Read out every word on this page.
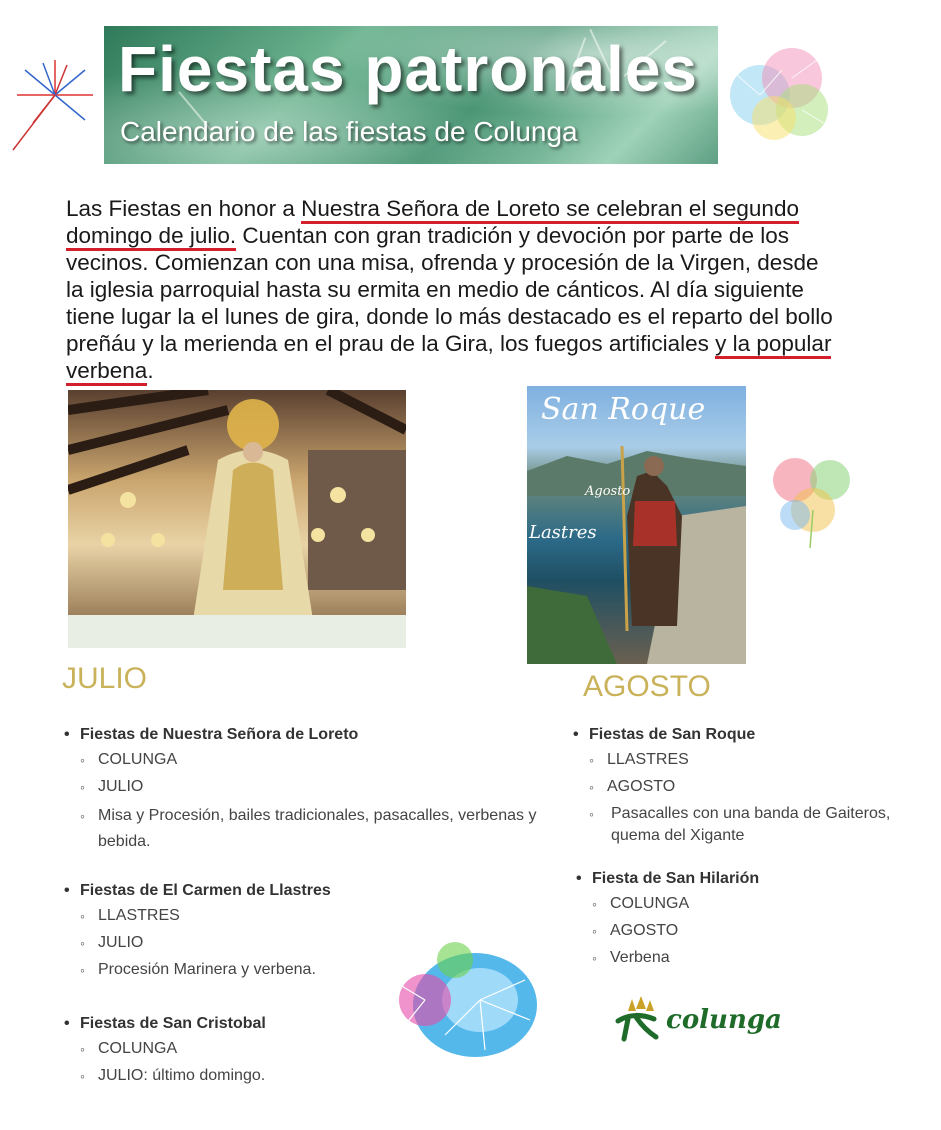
Fiestas patronales
Calendario de las fiestas de Colunga

Las Fiestas en honor a Nuestra Señora de Loreto se celebran el segundo domingo de julio. Cuentan con gran tradición y devoción por parte de los vecinos. Comienzan con una misa, ofrenda y procesión de la Virgen, desde la iglesia parroquial hasta su ermita en medio de cánticos. Al día siguiente tiene lugar la el lunes de gira, donde lo más destacado es el reparto del bollo preñáu y la merienda en el prau de la Gira, los fuegos artificiales y la popular verbena.

San Roque
Agosto
Lastres
JULIO	AGOSTO
• Fiestas de Nuestra Señora de Loreto
◦ COLUNGA
◦ JULIO
◦ Misa y Procesión, bailes tradicionales, pasacalles, verbenas y bebida.
• Fiestas de El Carmen de Llastres
◦ LLASTRES
◦ JULIO
◦ Procesión Marinera y verbena.
• Fiestas de San Cristobal
◦ COLUNGA
◦ JULIO: último domingo.
• Fiestas de San Roque
◦ LLASTRES
◦ AGOSTO
◦ Pasacalles con una banda de Gaiteros, quema del Xigante
• Fiesta de San Hilarión
◦ COLUNGA
◦ AGOSTO
◦ Verbena
colunga
